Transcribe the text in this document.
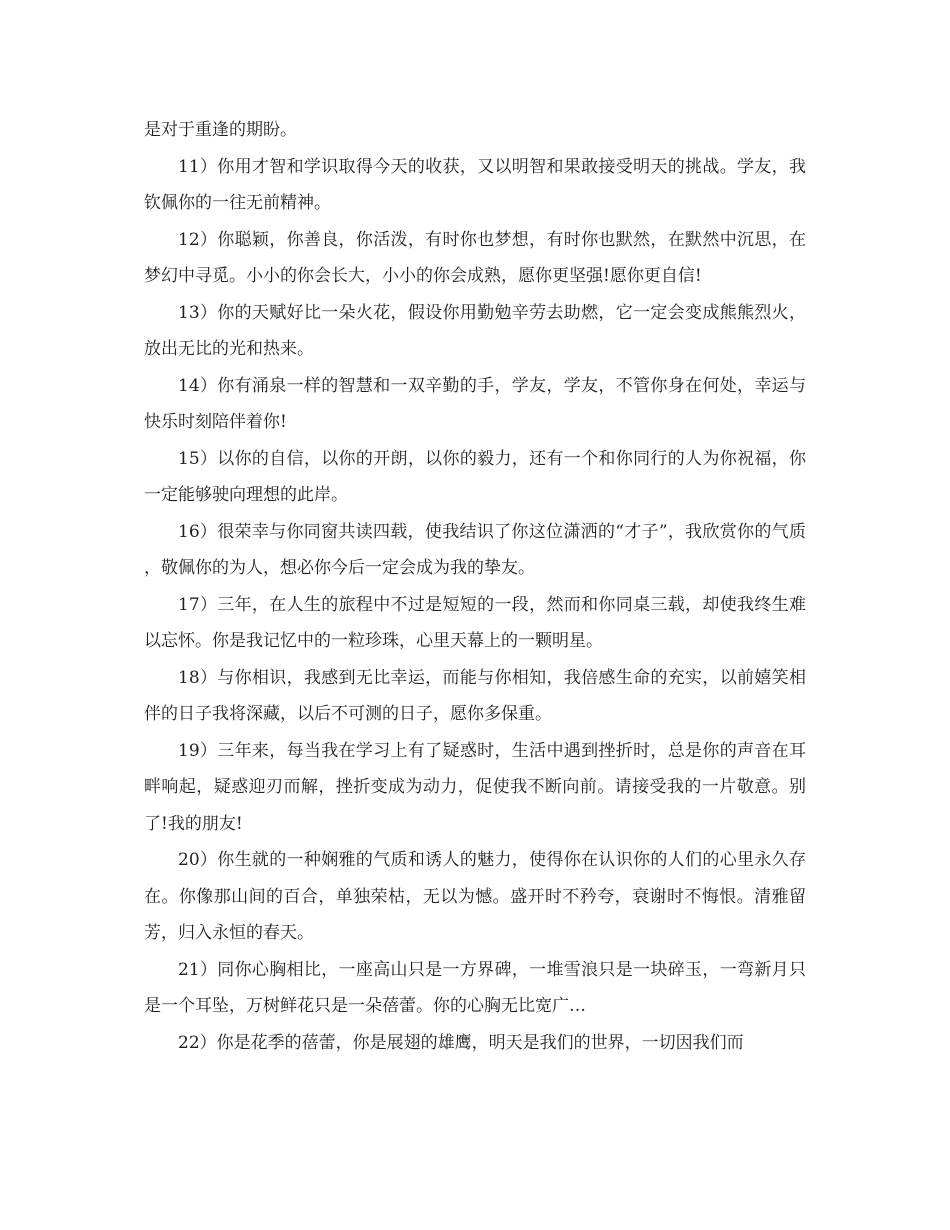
是对于重逢的期盼。

11）你用才智和学识取得今天的收获，又以明智和果敢接受明天的挑战。学友，我钦佩你的一往无前精神。

12）你聪颖，你善良，你活泼，有时你也梦想，有时你也默然，在默然中沉思，在梦幻中寻觅。小小的你会长大，小小的你会成熟，愿你更坚强!愿你更自信!

13）你的天赋好比一朵火花，假设你用勤勉辛劳去助燃，它一定会变成熊熊烈火，放出无比的光和热来。

14）你有涌泉一样的智慧和一双辛勤的手，学友，学友，不管你身在何处，幸运与快乐时刻陪伴着你!

15）以你的自信，以你的开朗，以你的毅力，还有一个和你同行的人为你祝福，你一定能够驶向理想的此岸。

16）很荣幸与你同窗共读四载，使我结识了你这位潇洒的“才子”，我欣赏你的气质，敬佩你的为人，想必你今后一定会成为我的挚友。

17）三年，在人生的旅程中不过是短短的一段，然而和你同桌三载，却使我终生难以忘怀。你是我记忆中的一粒珍珠，心里天幕上的一颗明星。

18）与你相识，我感到无比幸运，而能与你相知，我倍感生命的充实，以前嬉笑相伴的日子我将深藏，以后不可测的日子，愿你多保重。

19）三年来，每当我在学习上有了疑惑时，生活中遇到挫折时，总是你的声音在耳畔响起，疑惑迎刃而解，挫折变成为动力，促使我不断向前。请接受我的一片敬意。别了!我的朋友!

20）你生就的一种娴雅的气质和诱人的魅力，使得你在认识你的人们的心里永久存在。你像那山间的百合，单独荣枯，无以为憾。盛开时不矜夸，衰谢时不悔恨。清雅留芳，归入永恒的春天。

21）同你心胸相比，一座高山只是一方界碑，一堆雪浪只是一块碎玉，一弯新月只是一个耳坠，万树鲜花只是一朵蓓蕾。你的心胸无比宽广…

22）你是花季的蓓蕾，你是展翅的雄鹰，明天是我们的世界，一切因我们而
